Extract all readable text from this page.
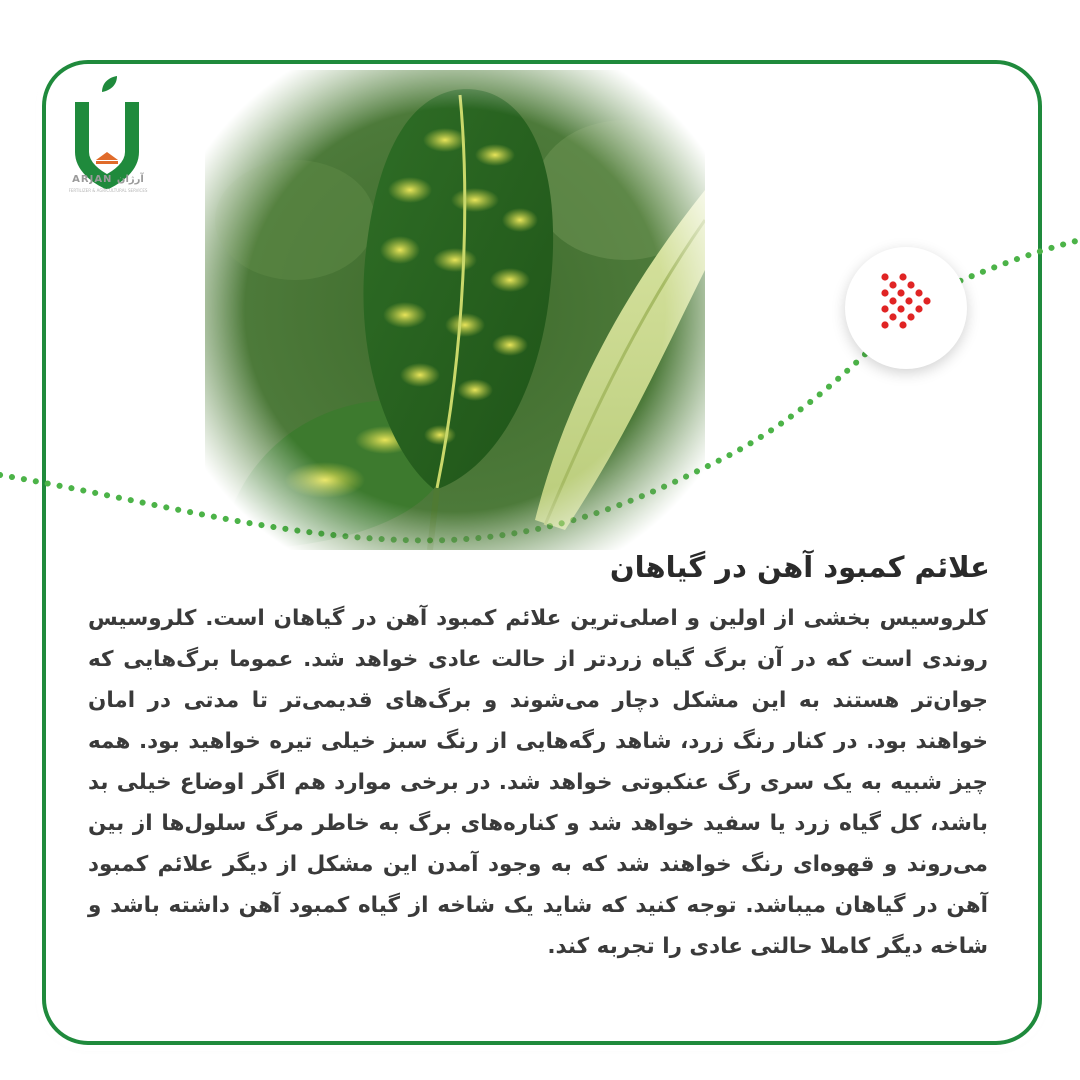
ARJAN آرژان
FERTILIZER & AGRICULTURAL SERVICES
علائم کمبود آهن در گیاهان

کلروسیس بخشی از اولین و اصلی‌ترین علائم کمبود آهن در گیاهان است. کلروسیس روندی است که در آن برگ گیاه زردتر از حالت عادی خواهد شد. عموما برگ‌هایی که جوان‌تر هستند به این مشکل دچار می‌شوند و برگ‌های قدیمی‌تر تا مدتی در امان خواهند بود. در کنار رنگ زرد، شاهد رگه‌هایی از رنگ سبز خیلی تیره خواهید بود. همه چیز شبیه به یک سری رگ عنکبوتی خواهد شد. در برخی موارد هم اگر اوضاع خیلی بد باشد، کل گیاه زرد یا سفید خواهد شد و کناره‌های برگ به خاطر مرگ سلول‌ها از بین می‌روند و قهوه‌ای رنگ خواهند شد که به وجود آمدن این مشکل از دیگر علائم کمبود آهن در گیاهان میباشد. توجه کنید که شاید یک شاخه از گیاه کمبود آهن داشته باشد و شاخه دیگر کاملا حالتی عادی را تجربه کند.
